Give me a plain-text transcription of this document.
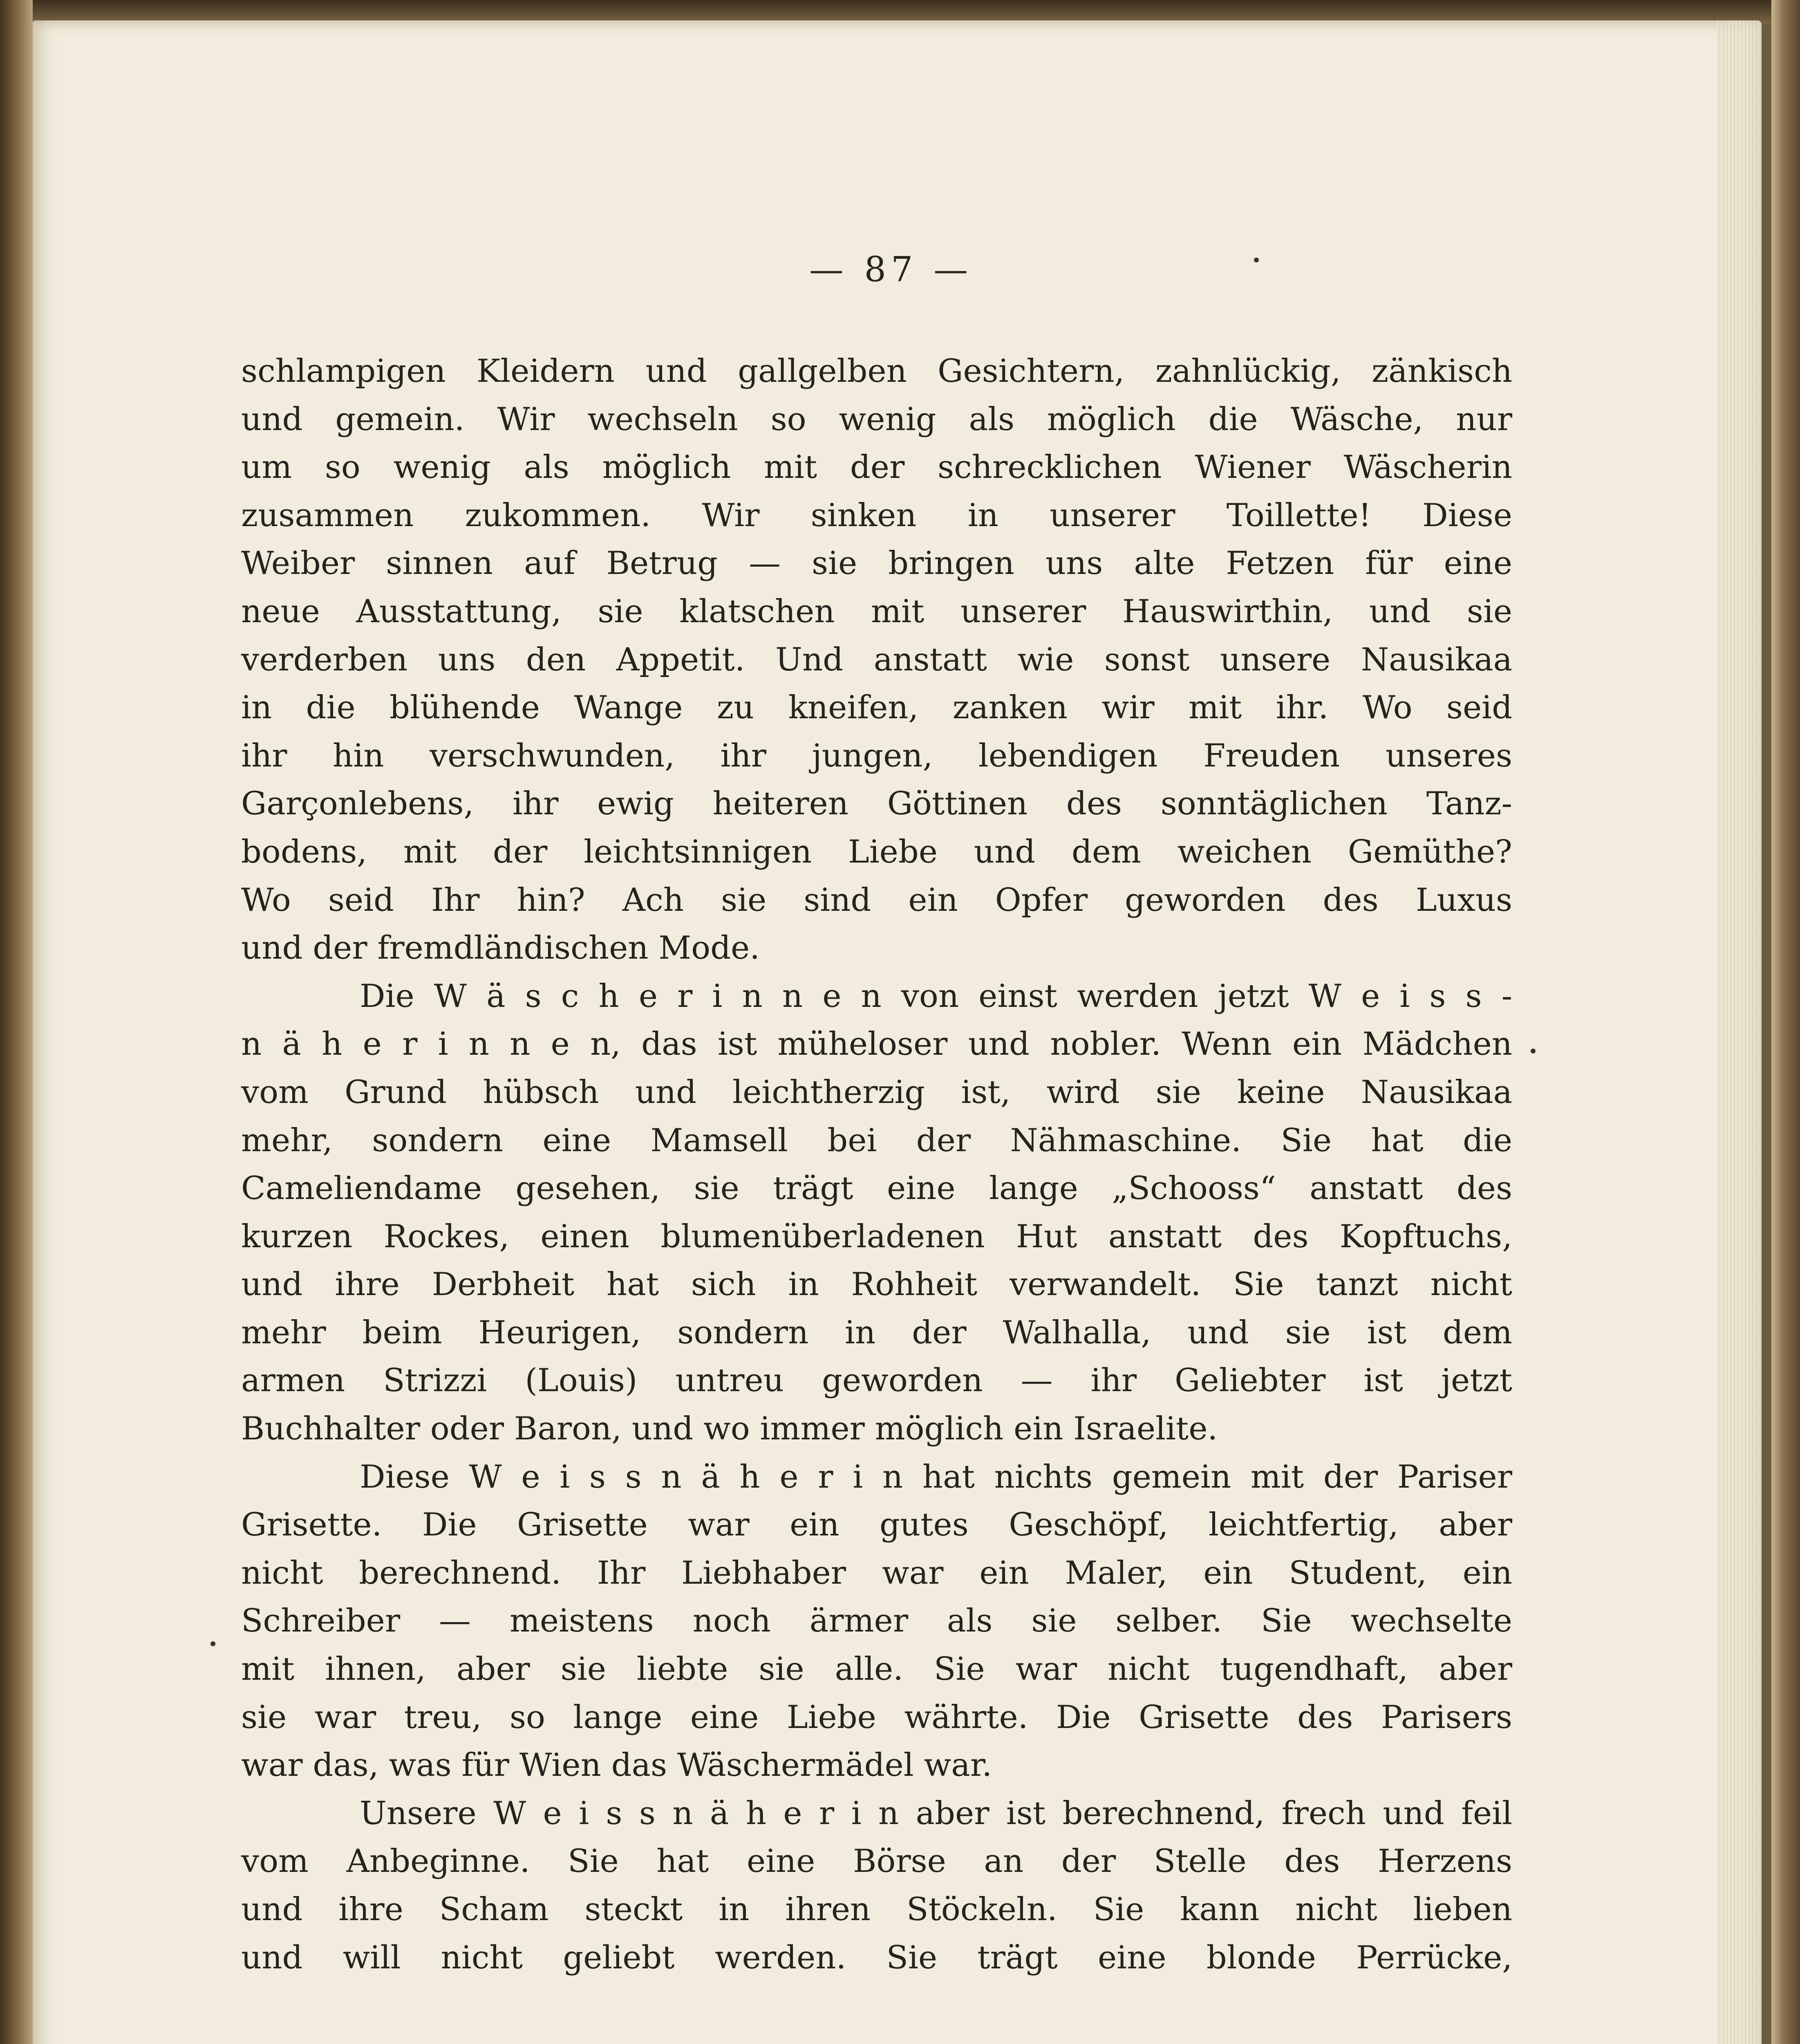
— 87 —
schlampigen Kleidern und gallgelben Gesichtern, zahnlückig, zänkisch
und gemein. Wir wechseln so wenig als möglich die Wäsche, nur
um so wenig als möglich mit der schrecklichen Wiener Wäscherin
zusammen zukommen. Wir sinken in unserer Toillette! Diese
Weiber sinnen auf Betrug — sie bringen uns alte Fetzen für eine
neue Ausstattung, sie klatschen mit unserer Hauswirthin, und sie
verderben uns den Appetit. Und anstatt wie sonst unsere Nausikaa
in die blühende Wange zu kneifen, zanken wir mit ihr. Wo seid
ihr hin verschwunden, ihr jungen, lebendigen Freuden unseres
Garçonlebens, ihr ewig heiteren Göttinen des sonntäglichen Tanz-
bodens, mit der leichtsinnigen Liebe und dem weichen Gemüthe?
Wo seid Ihr hin? Ach sie sind ein Opfer geworden des Luxus
und der fremdländischen Mode.
Die W ä s c h e r i n n e n von einst werden jetzt W e i s s -
n ä h e r i n n e n, das ist müheloser und nobler. Wenn ein Mädchen
vom Grund hübsch und leichtherzig ist, wird sie keine Nausikaa
mehr, sondern eine Mamsell bei der Nähmaschine. Sie hat die
Cameliendame gesehen, sie trägt eine lange „Schooss“ anstatt des
kurzen Rockes, einen blumenüberladenen Hut anstatt des Kopftuchs,
und ihre Derbheit hat sich in Rohheit verwandelt. Sie tanzt nicht
mehr beim Heurigen, sondern in der Walhalla, und sie ist dem
armen Strizzi (Louis) untreu geworden — ihr Geliebter ist jetzt
Buchhalter oder Baron, und wo immer möglich ein Israelite.
Diese W e i s s n ä h e r i n hat nichts gemein mit der Pariser
Grisette. Die Grisette war ein gutes Geschöpf, leichtfertig, aber
nicht berechnend. Ihr Liebhaber war ein Maler, ein Student, ein
Schreiber — meistens noch ärmer als sie selber. Sie wechselte
mit ihnen, aber sie liebte sie alle. Sie war nicht tugendhaft, aber
sie war treu, so lange eine Liebe währte. Die Grisette des Parisers
war das, was für Wien das Wäschermädel war.
Unsere W e i s s n ä h e r i n aber ist berechnend, frech und feil
vom Anbeginne. Sie hat eine Börse an der Stelle des Herzens
und ihre Scham steckt in ihren Stöckeln. Sie kann nicht lieben
und will nicht geliebt werden. Sie trägt eine blonde Perrücke,
